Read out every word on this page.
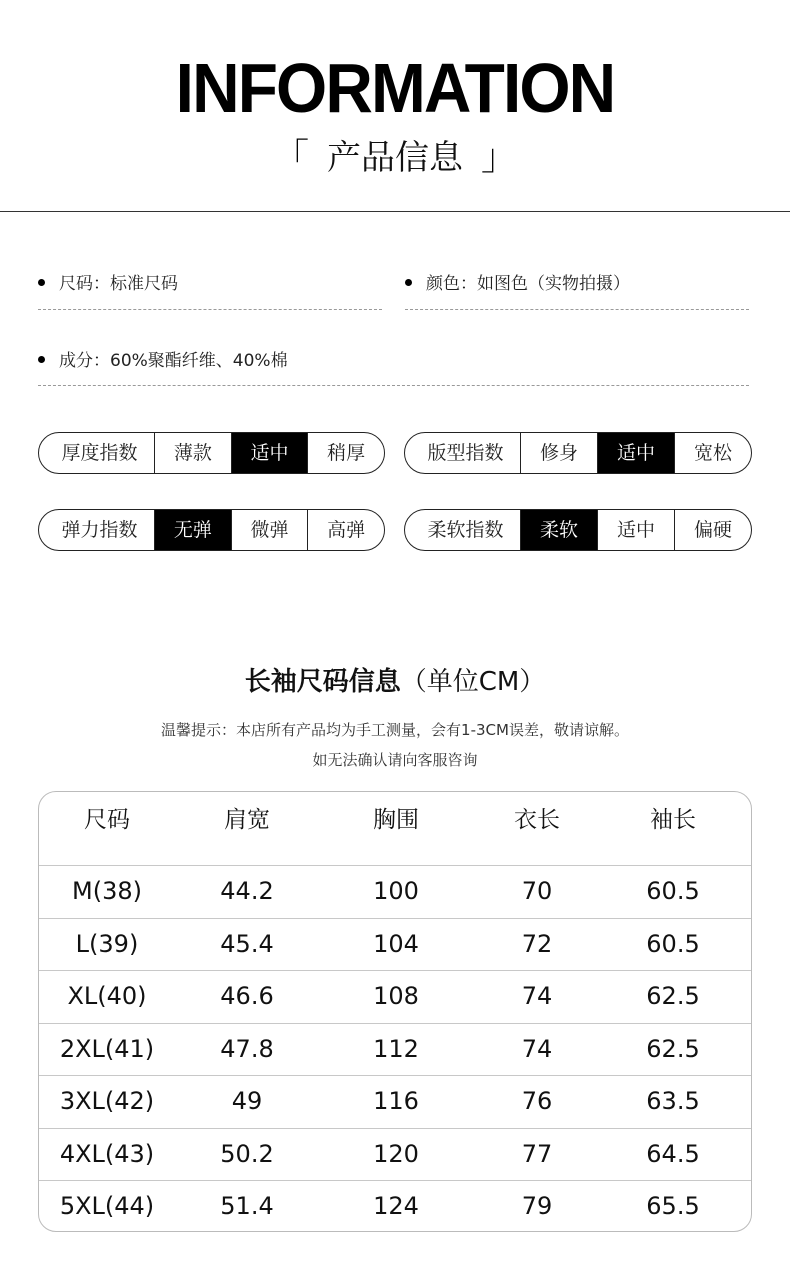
INFORMATION
「 产品信息 」
尺码：标准尺码	颜色：如图色（实物拍摄）
成分：60%聚酯纤维、40%棉
厚度指数	薄款	适中	稍厚	版型指数	修身	适中	宽松
弹力指数	无弹	微弹	高弹	柔软指数	柔软	适中	偏硬
长袖尺码信息（单位CM）
温馨提示：本店所有产品均为手工测量，会有1-3CM误差，敬请谅解。
如无法确认请向客服咨询
尺码	肩宽	胸围	衣长	袖长
M(38)	44.2	100	70	60.5
L(39)	45.4	104	72	60.5
XL(40)	46.6	108	74	62.5
2XL(41)	47.8	112	74	62.5
3XL(42)	49	116	76	63.5
4XL(43)	50.2	120	77	64.5
5XL(44)	51.4	124	79	65.5
